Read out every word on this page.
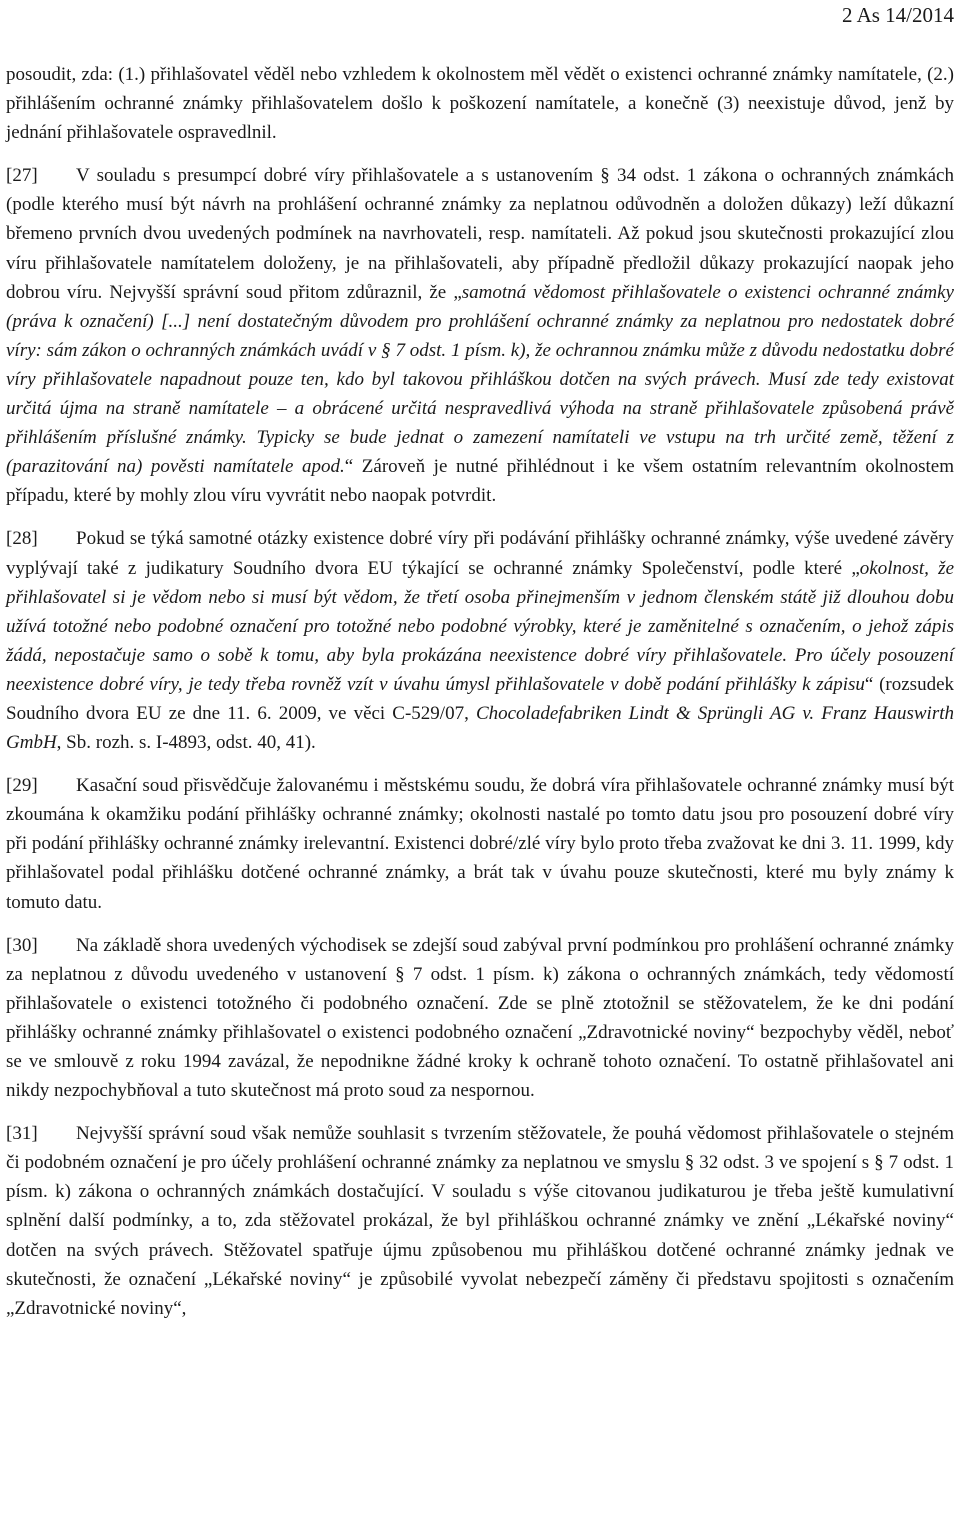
2 As 14/2014

posoudit, zda: (1.) přihlašovatel věděl nebo vzhledem k okolnostem měl vědět o existenci ochranné známky namítatele, (2.) přihlášením ochranné známky přihlašovatelem došlo k poškození namítatele, a konečně (3) neexistuje důvod, jenž by jednání přihlašovatele ospravedlnil.

[27] V souladu s presumpcí dobré víry přihlašovatele a s ustanovením § 34 odst. 1 zákona o ochranných známkách (podle kterého musí být návrh na prohlášení ochranné známky za neplatnou odůvodněn a doložen důkazy) leží důkazní břemeno prvních dvou uvedených podmínek na navrhovateli, resp. namítateli. Až pokud jsou skutečnosti prokazující zlou víru přihlašovatele namítatelem doloženy, je na přihlašovateli, aby případně předložil důkazy prokazující naopak jeho dobrou víru. Nejvyšší správní soud přitom zdůraznil, že „samotná vědomost přihlašovatele o existenci ochranné známky (práva k označení) [...] není dostatečným důvodem pro prohlášení ochranné známky za neplatnou pro nedostatek dobré víry: sám zákon o ochranných známkách uvádí v § 7 odst. 1 písm. k), že ochrannou známku může z důvodu nedostatku dobré víry přihlašovatele napadnout pouze ten, kdo byl takovou přihláškou dotčen na svých právech. Musí zde tedy existovat určitá újma na straně namítatele – a obrácené určitá nespravedlivá výhoda na straně přihlašovatele způsobená právě přihlášením příslušné známky. Typicky se bude jednat o zamezení namítateli ve vstupu na trh určité země, těžení z (parazitování na) pověsti namítatele apod.“ Zároveň je nutné přihlédnout i ke všem ostatním relevantním okolnostem případu, které by mohly zlou víru vyvrátit nebo naopak potvrdit.

[28] Pokud se týká samotné otázky existence dobré víry při podávání přihlášky ochranné známky, výše uvedené závěry vyplývají také z judikatury Soudního dvora EU týkající se ochranné známky Společenství, podle které „okolnost, že přihlašovatel si je vědom nebo si musí být vědom, že třetí osoba přinejmenším v jednom členském státě již dlouhou dobu užívá totožné nebo podobné označení pro totožné nebo podobné výrobky, které je zaměnitelné s označením, o jehož zápis žádá, nepostačuje samo o sobě k tomu, aby byla prokázána neexistence dobré víry přihlašovatele. Pro účely posouzení neexistence dobré víry, je tedy třeba rovněž vzít v úvahu úmysl přihlašovatele v době podání přihlášky k zápisu“ (rozsudek Soudního dvora EU ze dne 11. 6. 2009, ve věci C-529/07, Chocoladefabriken Lindt & Sprüngli AG v. Franz Hauswirth GmbH, Sb. rozh. s. I-4893, odst. 40, 41).

[29] Kasační soud přisvědčuje žalovanému i městskému soudu, že dobrá víra přihlašovatele ochranné známky musí být zkoumána k okamžiku podání přihlášky ochranné známky; okolnosti nastalé po tomto datu jsou pro posouzení dobré víry při podání přihlášky ochranné známky irelevantní. Existenci dobré/zlé víry bylo proto třeba zvažovat ke dni 3. 11. 1999, kdy přihlašovatel podal přihlášku dotčené ochranné známky, a brát tak v úvahu pouze skutečnosti, které mu byly známy k tomuto datu.

[30] Na základě shora uvedených východisek se zdejší soud zabýval první podmínkou pro prohlášení ochranné známky za neplatnou z důvodu uvedeného v ustanovení § 7 odst. 1 písm. k) zákona o ochranných známkách, tedy vědomostí přihlašovatele o existenci totožného či podobného označení. Zde se plně ztotožnil se stěžovatelem, že ke dni podání přihlášky ochranné známky přihlašovatel o existenci podobného označení „Zdravotnické noviny“ bezpochyby věděl, neboť se ve smlouvě z roku 1994 zavázal, že nepodnikne žádné kroky k ochraně tohoto označení. To ostatně přihlašovatel ani nikdy nezpochybňoval a tuto skutečnost má proto soud za nespornou.

[31] Nejvyšší správní soud však nemůže souhlasit s tvrzením stěžovatele, že pouhá vědomost přihlašovatele o stejném či podobném označení je pro účely prohlášení ochranné známky za neplatnou ve smyslu § 32 odst. 3 ve spojení s § 7 odst. 1 písm. k) zákona o ochranných známkách dostačující. V souladu s výše citovanou judikaturou je třeba ještě kumulativní splnění další podmínky, a to, zda stěžovatel prokázal, že byl přihláškou ochranné známky ve znění „Lékařské noviny“ dotčen na svých právech. Stěžovatel spatřuje újmu způsobenou mu přihláškou dotčené ochranné známky jednak ve skutečnosti, že označení „Lékařské noviny“ je způsobilé vyvolat nebezpečí záměny či představu spojitosti s označením „Zdravotnické noviny“,
